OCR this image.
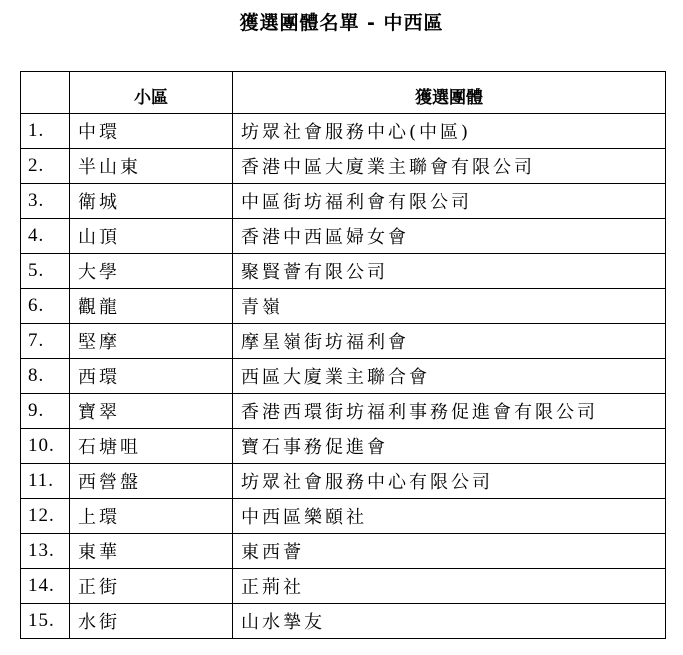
獲選團體名單 - 中西區
	小區	獲選團體
1.	中環	坊眾社會服務中心(中區)
2.	半山東	香港中區大廈業主聯會有限公司
3.	衛城	中區街坊福利會有限公司
4.	山頂	香港中西區婦女會
5.	大學	聚賢薈有限公司
6.	觀龍	青嶺
7.	堅摩	摩星嶺街坊福利會
8.	西環	西區大廈業主聯合會
9.	寶翠	香港西環街坊福利事務促進會有限公司
10.	石塘咀	寶石事務促進會
11.	西營盤	坊眾社會服務中心有限公司
12.	上環	中西區樂頤社
13.	東華	東西薈
14.	正街	正荊社
15.	水街	山水摯友
